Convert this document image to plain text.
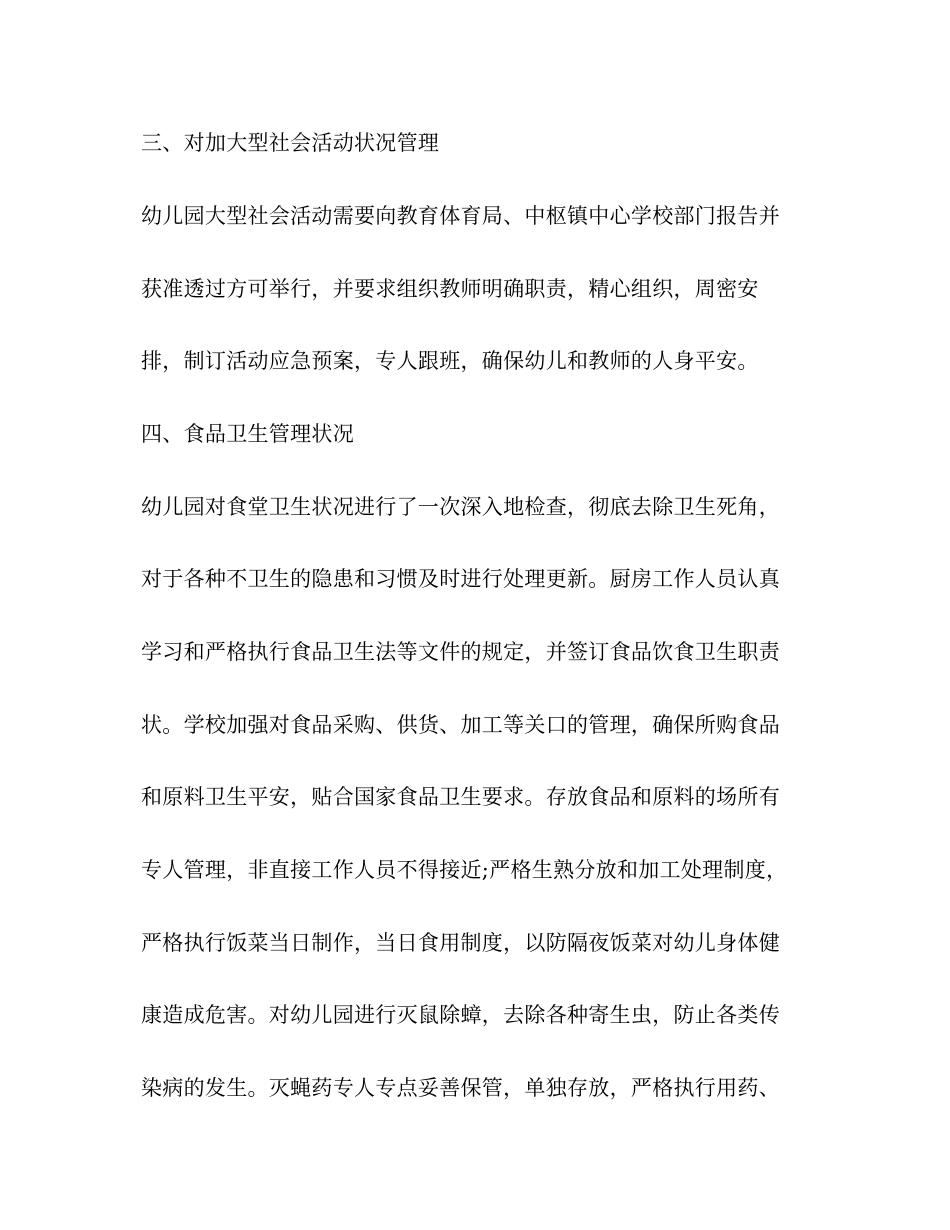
三、对加大型社会活动状况管理
幼儿园大型社会活动需要向教育体育局、中枢镇中心学校部门报告并
获准透过方可举行，并要求组织教师明确职责，精心组织，周密安
排，制订活动应急预案，专人跟班，确保幼儿和教师的人身平安。
四、食品卫生管理状况
幼儿园对食堂卫生状况进行了一次深入地检查，彻底去除卫生死角，
对于各种不卫生的隐患和习惯及时进行处理更新。厨房工作人员认真
学习和严格执行食品卫生法等文件的规定，并签订食品饮食卫生职责
状。学校加强对食品采购、供货、加工等关口的管理，确保所购食品
和原料卫生平安，贴合国家食品卫生要求。存放食品和原料的场所有
专人管理，非直接工作人员不得接近;严格生熟分放和加工处理制度，
严格执行饭菜当日制作，当日食用制度，以防隔夜饭菜对幼儿身体健
康造成危害。对幼儿园进行灭鼠除蟑，去除各种寄生虫，防止各类传
染病的发生。灭蝇药专人专点妥善保管，单独存放，严格执行用药、
